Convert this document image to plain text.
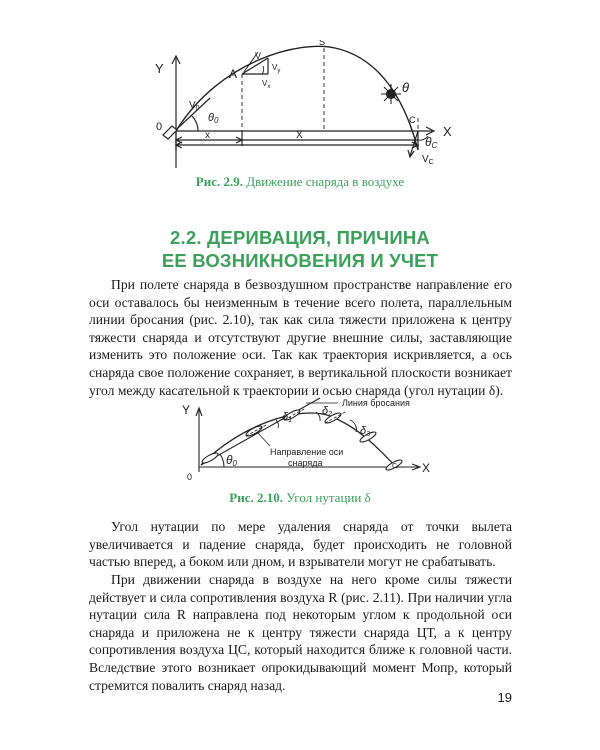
Y
X
0
A
S
C
$V_0$
θ0
V
$V_y$
$V_x$	θ
θC
$V_C$
x	X
Рис. 2.9. Движение снаряда в воздухе
2.2. ДЕРИВАЦИЯ, ПРИЧИНА
ЕЕ ВОЗНИКНОВЕНИЯ И УЧЕТ

При полете снаряда в безвоздушном пространстве направление его оси оставалось бы неизменным в течение всего полета, параллельным линии бросания (рис. 2.10), так как сила тяжести приложена к центру тяжести снаряда и отсутствуют другие внешние силы, заставляющие изменить это положение оси. Так как траектория искривляется, а ось снаряда свое положение сохраняет, в вертикальной плоскости возникает угол между касательной к траектории и осью снаряда (угол нутации δ).

Y
X
0
Линия бросания
δ1
δ2
δ3
θ0
Направление оси
снаряда	C
Рис. 2.10. Угол нутации δ

Угол нутации по мере удаления снаряда от точки вылета увеличивается и падение снаряда, будет происходить не головной частью вперед, а боком или дном, и взрыватели могут не срабатывать.

При движении снаряда в воздухе на него кроме силы тяжести действует и сила сопротивления воздуха R (рис. 2.11). При наличии угла нутации сила R направлена под некоторым углом к продольной оси снаряда и приложена не к центру тяжести снаряда ЦТ, а к центру сопротивления воздуха ЦС, который находится ближе к головной части. Вследствие этого возникает опрокидывающий момент Мопр, который стремится повалить снаряд назад.

19
